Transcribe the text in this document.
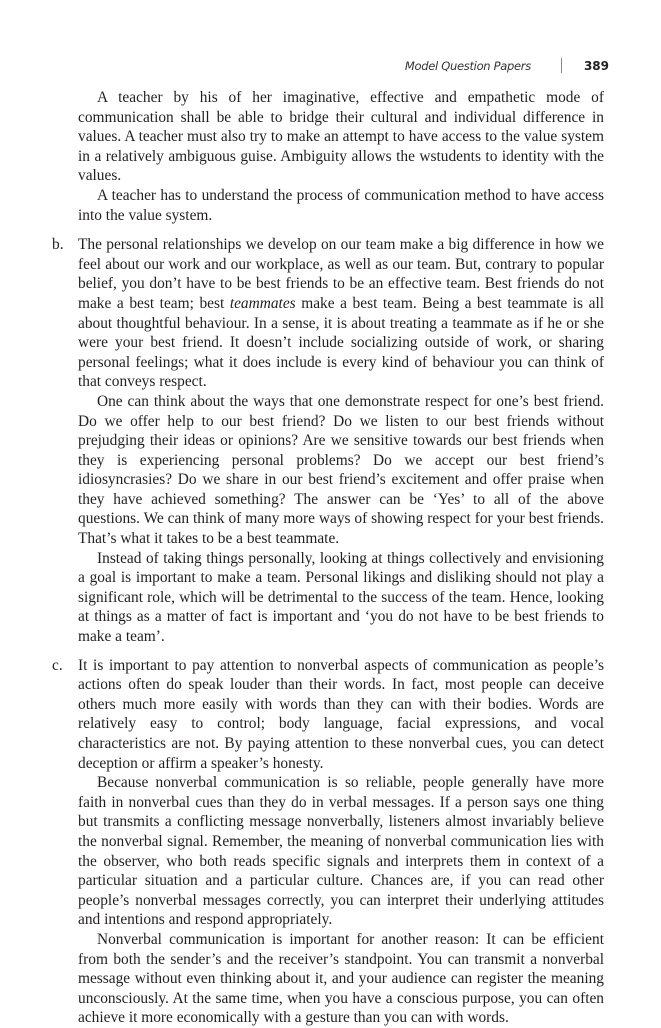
Model Question Papers	389

A teacher by his of her imaginative, effective and empathetic mode of communication shall be able to bridge their cultural and individual difference in values. A teacher must also try to make an attempt to have access to the value system in a relatively ambiguous guise. Ambiguity allows the wstudents to identity with the values.

A teacher has to understand the process of communication method to have access into the value system.

b. The personal relationships we develop on our team make a big difference in how we feel about our work and our workplace, as well as our team. But, contrary to popular belief, you don’t have to be best friends to be an effective team. Best friends do not make a best team; best teammates make a best team. Being a best teammate is all about thoughtful behaviour. In a sense, it is about treating a teammate as if he or she were your best friend. It doesn’t include socializing outside of work, or sharing personal feelings; what it does include is every kind of behaviour you can think of that conveys respect.

One can think about the ways that one demonstrate respect for one’s best friend. Do we offer help to our best friend? Do we listen to our best friends without prejudging their ideas or opinions? Are we sensitive towards our best friends when they is experiencing personal problems? Do we accept our best friend’s idiosyncrasies? Do we share in our best friend’s excitement and offer praise when they have achieved something? The answer can be ‘Yes’ to all of the above questions. We can think of many more ways of showing respect for your best friends. That’s what it takes to be a best teammate.

Instead of taking things personally, looking at things collectively and envisioning a goal is important to make a team. Personal likings and disliking should not play a significant role, which will be detrimental to the success of the team. Hence, looking at things as a matter of fact is important and ‘you do not have to be best friends to make a team’.

c. It is important to pay attention to nonverbal aspects of communication as people’s actions often do speak louder than their words. In fact, most people can deceive others much more easily with words than they can with their bodies. Words are relatively easy to control; body language, facial expressions, and vocal characteristics are not. By paying attention to these nonverbal cues, you can detect deception or affirm a speaker’s honesty.

Because nonverbal communication is so reliable, people generally have more faith in nonverbal cues than they do in verbal messages. If a person says one thing but transmits a conflicting message nonverbally, listeners almost invariably believe the nonverbal signal. Remember, the meaning of nonverbal communication lies with the observer, who both reads specific signals and interprets them in context of a particular situation and a particular culture. Chances are, if you can read other people’s nonverbal messages correctly, you can interpret their underlying attitudes and intentions and respond appropriately.

Nonverbal communication is important for another reason: It can be efficient from both the sender’s and the receiver’s standpoint. You can transmit a nonverbal message without even thinking about it, and your audience can register the meaning unconsciously. At the same time, when you have a conscious purpose, you can often achieve it more economically with a gesture than you can with words.
